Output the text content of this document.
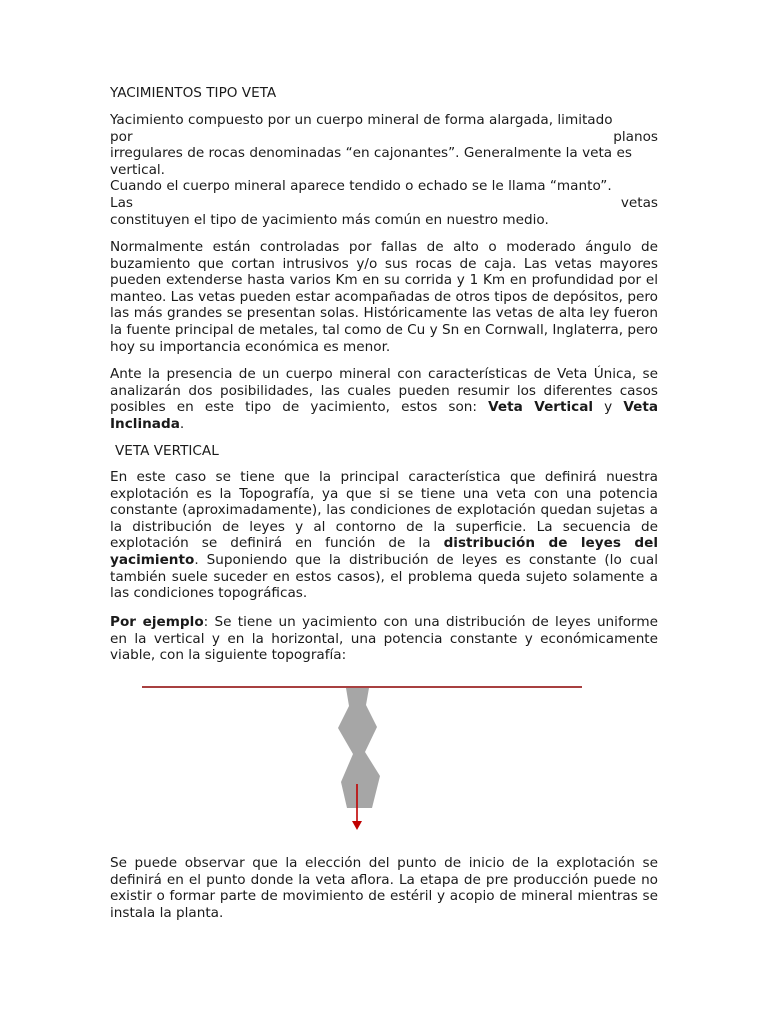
YACIMIENTOS TIPO VETA
Yacimiento compuesto por un cuerpo mineral de forma alargada, limitado
por	planos
irregulares de rocas denominadas “en cajonantes”. Generalmente la veta es
vertical.
Cuando el cuerpo mineral aparece tendido o echado se le llama “manto”.
Las	vetas
constituyen el tipo de yacimiento más común en nuestro medio.
Normalmente están controladas por fallas de alto o moderado ángulo de buzamiento que cortan intrusivos y/o sus rocas de caja. Las vetas mayores pueden extenderse hasta varios Km en su corrida y 1 Km en profundidad por el manteo. Las vetas pueden estar acompañadas de otros tipos de depósitos, pero las más grandes se presentan solas. Históricamente las vetas de alta ley fueron la fuente principal de metales, tal como de Cu y Sn en Cornwall, Inglaterra, pero hoy su importancia económica es menor.
Ante la presencia de un cuerpo mineral con características de Veta Única, se analizarán dos posibilidades, las cuales pueden resumir los diferentes casos posibles en este tipo de yacimiento, estos son: Veta Vertical y Veta Inclinada.
VETA VERTICAL
En este caso se tiene que la principal característica que definirá nuestra explotación es la Topografía, ya que si se tiene una veta con una potencia constante (aproximadamente), las condiciones de explotación quedan sujetas a la distribución de leyes y al contorno de la superficie. La secuencia de explotación se definirá en función de la distribución de leyes del yacimiento. Suponiendo que la distribución de leyes es constante (lo cual también suele suceder en estos casos), el problema queda sujeto solamente a las condiciones topográficas.
Por ejemplo: Se tiene un yacimiento con una distribución de leyes uniforme en la vertical y en la horizontal, una potencia constante y económicamente viable, con la siguiente topografía:
Se puede observar que la elección del punto de inicio de la explotación se definirá en el punto donde la veta aflora. La etapa de pre producción puede no existir o formar parte de movimiento de estéril y acopio de mineral mientras se instala la planta.
